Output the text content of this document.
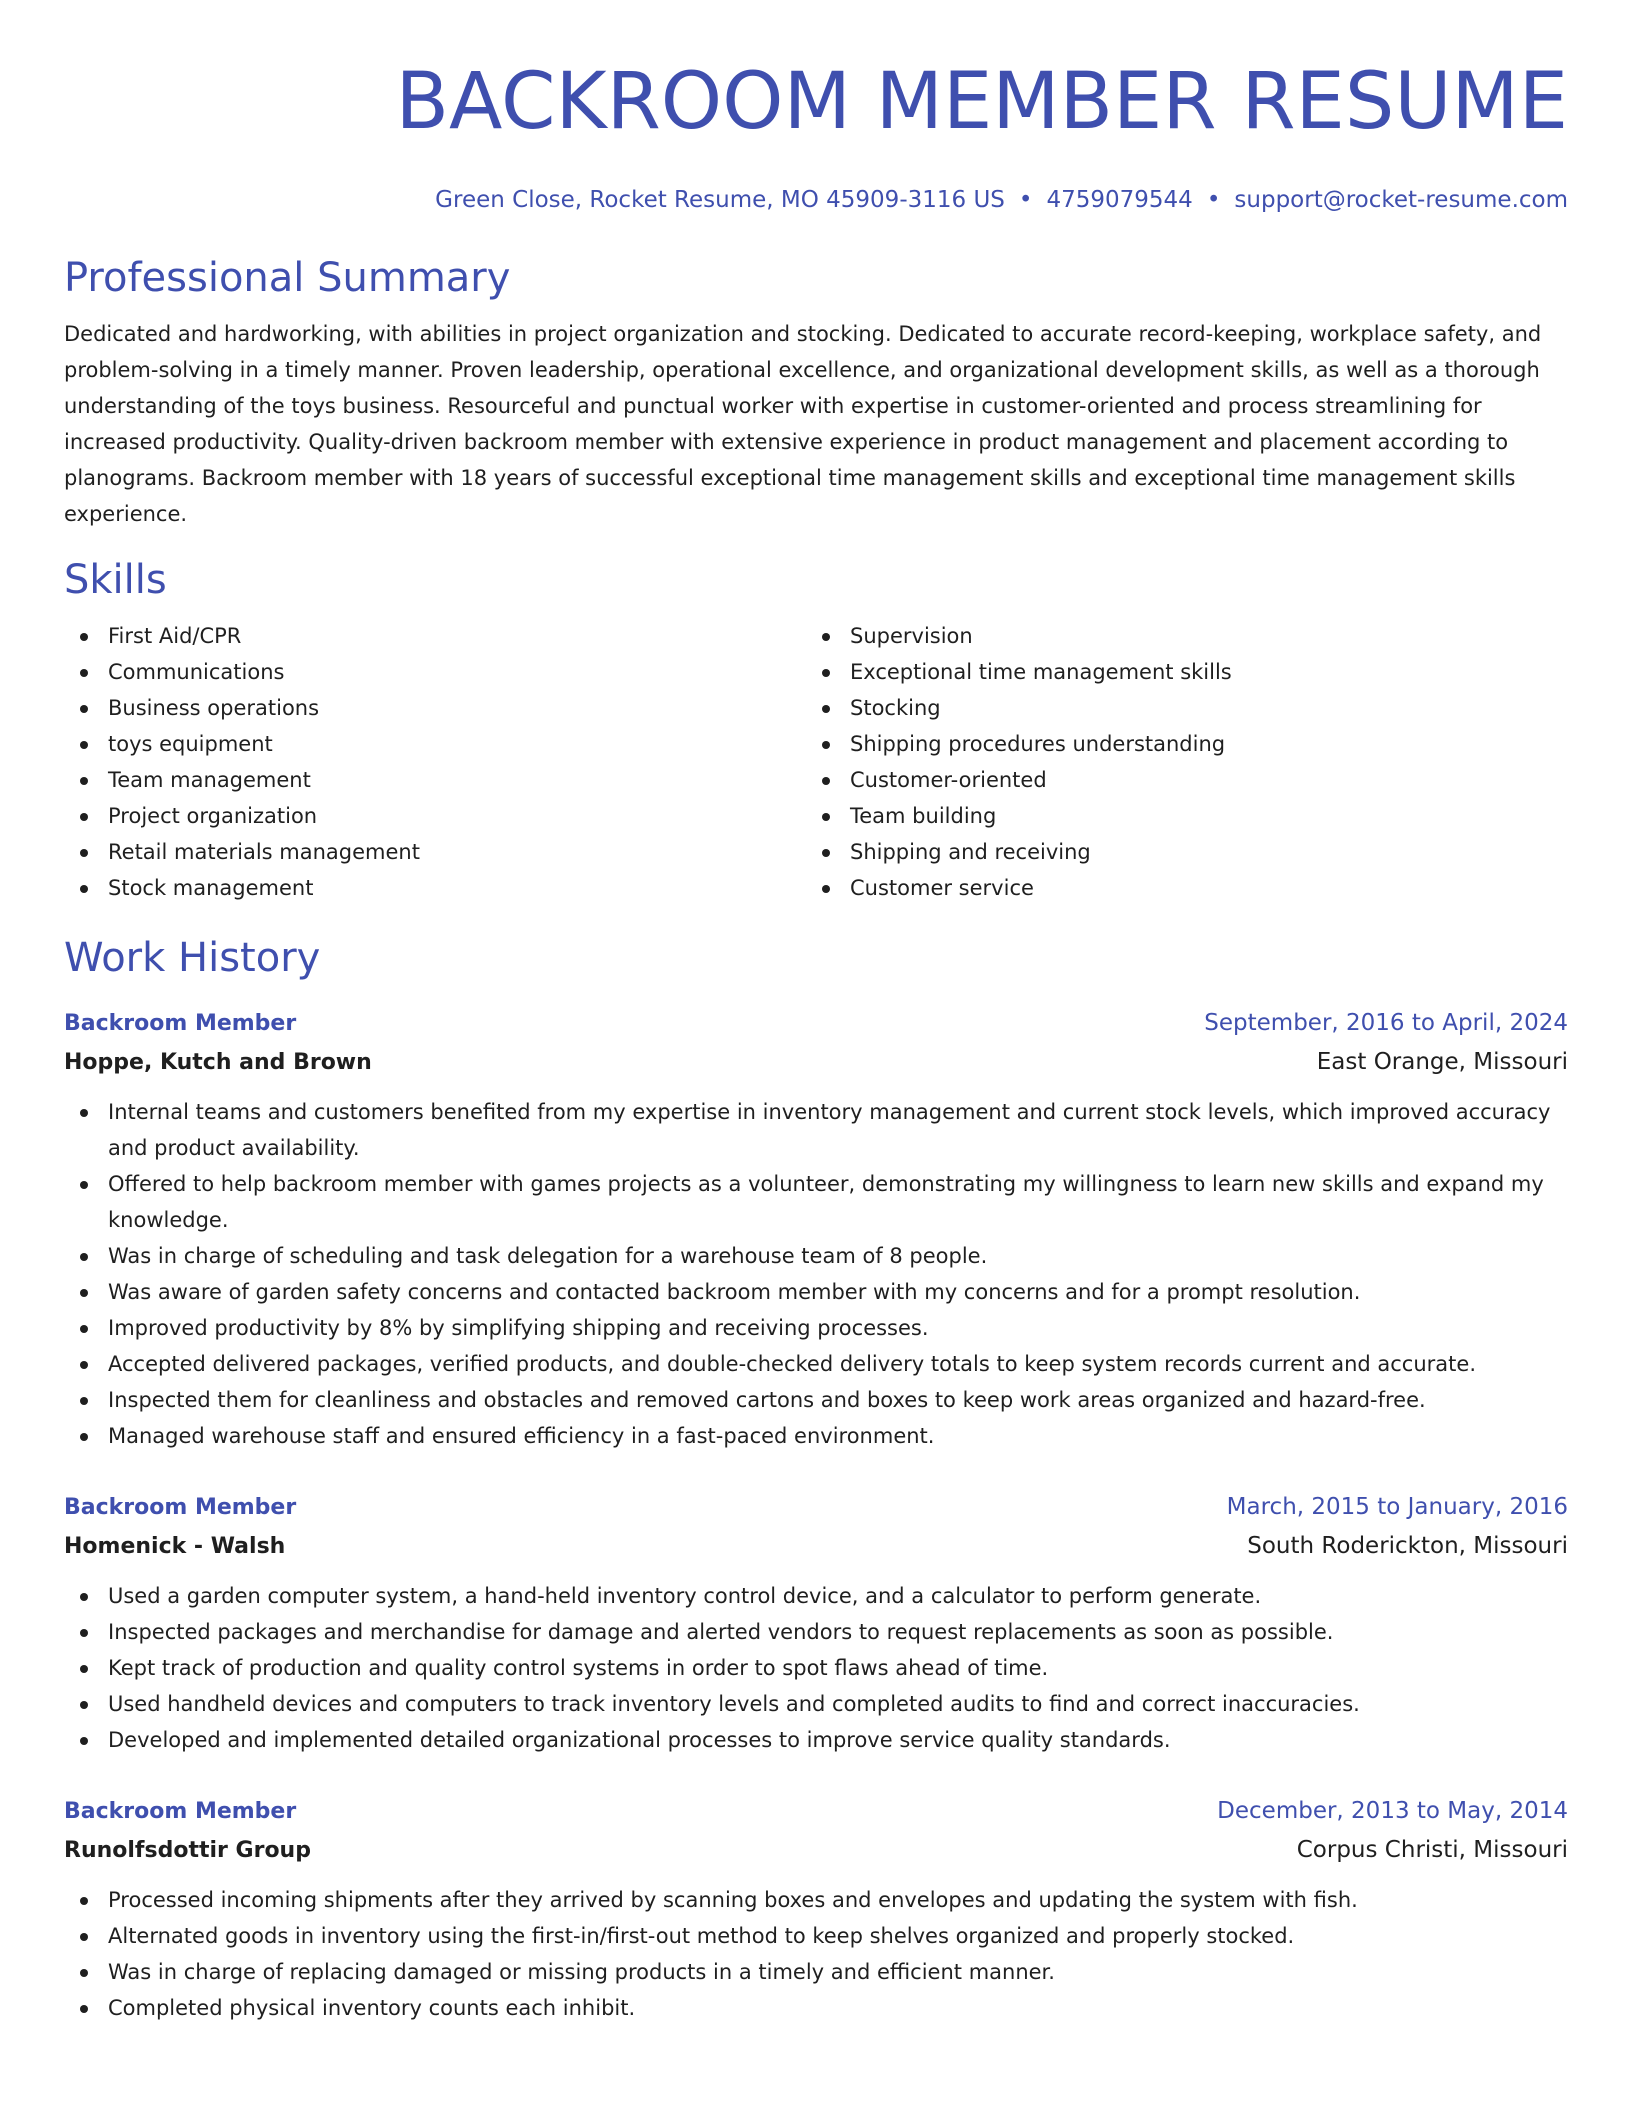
BACKROOM MEMBER RESUME
Green Close, Rocket Resume, MO 45909-3116 US • 4759079544 • support@rocket-resume.com
Professional Summary

Dedicated and hardworking, with abilities in project organization and stocking. Dedicated to accurate record-keeping, workplace safety, and problem-solving in a timely manner. Proven leadership, operational excellence, and organizational development skills, as well as a thorough understanding of the toys business. Resourceful and punctual worker with expertise in customer-oriented and process streamlining for increased productivity. Quality-driven backroom member with extensive experience in product management and placement according to planograms. Backroom member with 18 years of successful exceptional time management skills and exceptional time management skills experience.

Skills
First Aid/CPR
Communications
Business operations
toys equipment
Team management
Project organization
Retail materials management
Stock management
Supervision
Exceptional time management skills
Stocking
Shipping procedures understanding
Customer-oriented
Team building
Shipping and receiving
Customer service
Work History
Backroom Member	September, 2016 to April, 2024
Hoppe, Kutch and Brown	East Orange, Missouri
Internal teams and customers benefited from my expertise in inventory management and current stock levels, which improved accuracy and product availability.
Offered to help backroom member with games projects as a volunteer, demonstrating my willingness to learn new skills and expand my knowledge.
Was in charge of scheduling and task delegation for a warehouse team of 8 people.
Was aware of garden safety concerns and contacted backroom member with my concerns and for a prompt resolution.
Improved productivity by 8% by simplifying shipping and receiving processes.
Accepted delivered packages, verified products, and double-checked delivery totals to keep system records current and accurate.
Inspected them for cleanliness and obstacles and removed cartons and boxes to keep work areas organized and hazard-free.
Managed warehouse staff and ensured efficiency in a fast-paced environment.
Backroom Member	March, 2015 to January, 2016
Homenick - Walsh	South Roderickton, Missouri
Used a garden computer system, a hand-held inventory control device, and a calculator to perform generate.
Inspected packages and merchandise for damage and alerted vendors to request replacements as soon as possible.
Kept track of production and quality control systems in order to spot flaws ahead of time.
Used handheld devices and computers to track inventory levels and completed audits to find and correct inaccuracies.
Developed and implemented detailed organizational processes to improve service quality standards.
Backroom Member	December, 2013 to May, 2014
Runolfsdottir Group	Corpus Christi, Missouri
Processed incoming shipments after they arrived by scanning boxes and envelopes and updating the system with fish.
Alternated goods in inventory using the first-in/first-out method to keep shelves organized and properly stocked.
Was in charge of replacing damaged or missing products in a timely and efficient manner.
Completed physical inventory counts each inhibit.
